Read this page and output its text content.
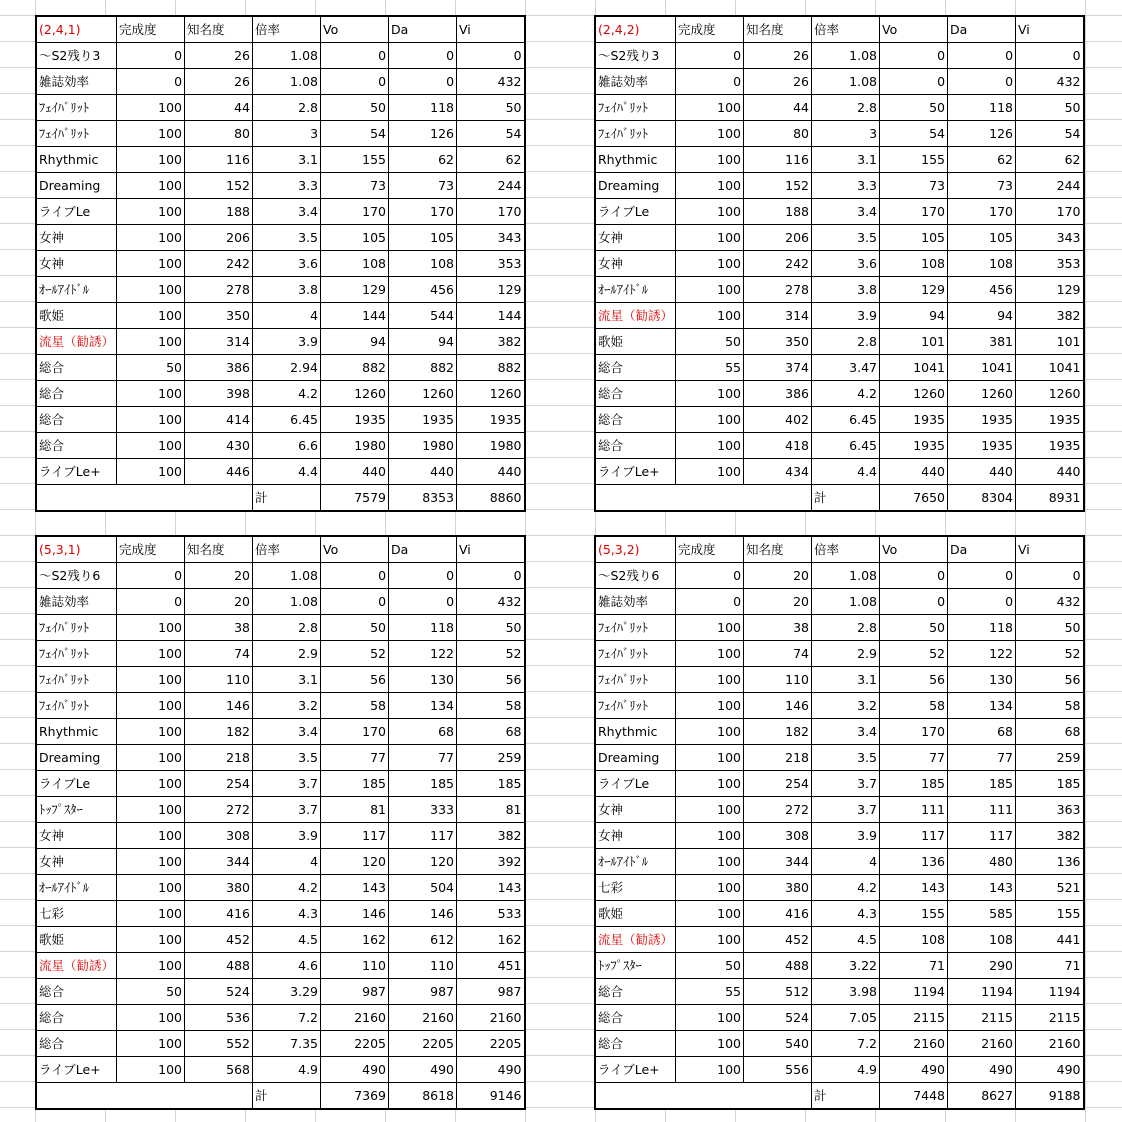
(2,4,1)	完成度	知名度	倍率	Vo	Da	Vi
～S2残り3	0	26	1.08	0	0	0
雑誌効率	0	26	1.08	0	0	432
ﾌｪｲﾊﾞﾘｯﾄ	100	44	2.8	50	118	50
ﾌｪｲﾊﾞﾘｯﾄ	100	80	3	54	126	54
Rhythmic	100	116	3.1	155	62	62
Dreaming	100	152	3.3	73	73	244
ライブLe	100	188	3.4	170	170	170
女神	100	206	3.5	105	105	343
女神	100	242	3.6	108	108	353
ｵｰﾙｱｲﾄﾞﾙ	100	278	3.8	129	456	129
歌姫	100	350	4	144	544	144
流星（勧誘）	100	314	3.9	94	94	382
総合	50	386	2.94	882	882	882
総合	100	398	4.2	1260	1260	1260
総合	100	414	6.45	1935	1935	1935
総合	100	430	6.6	1980	1980	1980
ライブLe+	100	446	4.4	440	440	440
			計	7579	8353	8860
(2,4,2)	完成度	知名度	倍率	Vo	Da	Vi
～S2残り3	0	26	1.08	0	0	0
雑誌効率	0	26	1.08	0	0	432
ﾌｪｲﾊﾞﾘｯﾄ	100	44	2.8	50	118	50
ﾌｪｲﾊﾞﾘｯﾄ	100	80	3	54	126	54
Rhythmic	100	116	3.1	155	62	62
Dreaming	100	152	3.3	73	73	244
ライブLe	100	188	3.4	170	170	170
女神	100	206	3.5	105	105	343
女神	100	242	3.6	108	108	353
ｵｰﾙｱｲﾄﾞﾙ	100	278	3.8	129	456	129
流星（勧誘）	100	314	3.9	94	94	382
歌姫	50	350	2.8	101	381	101
総合	55	374	3.47	1041	1041	1041
総合	100	386	4.2	1260	1260	1260
総合	100	402	6.45	1935	1935	1935
総合	100	418	6.45	1935	1935	1935
ライブLe+	100	434	4.4	440	440	440
			計	7650	8304	8931
(5,3,1)	完成度	知名度	倍率	Vo	Da	Vi
～S2残り6	0	20	1.08	0	0	0
雑誌効率	0	20	1.08	0	0	432
ﾌｪｲﾊﾞﾘｯﾄ	100	38	2.8	50	118	50
ﾌｪｲﾊﾞﾘｯﾄ	100	74	2.9	52	122	52
ﾌｪｲﾊﾞﾘｯﾄ	100	110	3.1	56	130	56
ﾌｪｲﾊﾞﾘｯﾄ	100	146	3.2	58	134	58
Rhythmic	100	182	3.4	170	68	68
Dreaming	100	218	3.5	77	77	259
ライブLe	100	254	3.7	185	185	185
ﾄｯﾌﾟｽﾀｰ	100	272	3.7	81	333	81
女神	100	308	3.9	117	117	382
女神	100	344	4	120	120	392
ｵｰﾙｱｲﾄﾞﾙ	100	380	4.2	143	504	143
七彩	100	416	4.3	146	146	533
歌姫	100	452	4.5	162	612	162
流星（勧誘）	100	488	4.6	110	110	451
総合	50	524	3.29	987	987	987
総合	100	536	7.2	2160	2160	2160
総合	100	552	7.35	2205	2205	2205
ライブLe+	100	568	4.9	490	490	490
			計	7369	8618	9146
(5,3,2)	完成度	知名度	倍率	Vo	Da	Vi
～S2残り6	0	20	1.08	0	0	0
雑誌効率	0	20	1.08	0	0	432
ﾌｪｲﾊﾞﾘｯﾄ	100	38	2.8	50	118	50
ﾌｪｲﾊﾞﾘｯﾄ	100	74	2.9	52	122	52
ﾌｪｲﾊﾞﾘｯﾄ	100	110	3.1	56	130	56
ﾌｪｲﾊﾞﾘｯﾄ	100	146	3.2	58	134	58
Rhythmic	100	182	3.4	170	68	68
Dreaming	100	218	3.5	77	77	259
ライブLe	100	254	3.7	185	185	185
女神	100	272	3.7	111	111	363
女神	100	308	3.9	117	117	382
ｵｰﾙｱｲﾄﾞﾙ	100	344	4	136	480	136
七彩	100	380	4.2	143	143	521
歌姫	100	416	4.3	155	585	155
流星（勧誘）	100	452	4.5	108	108	441
ﾄｯﾌﾟｽﾀｰ	50	488	3.22	71	290	71
総合	55	512	3.98	1194	1194	1194
総合	100	524	7.05	2115	2115	2115
総合	100	540	7.2	2160	2160	2160
ライブLe+	100	556	4.9	490	490	490
			計	7448	8627	9188
